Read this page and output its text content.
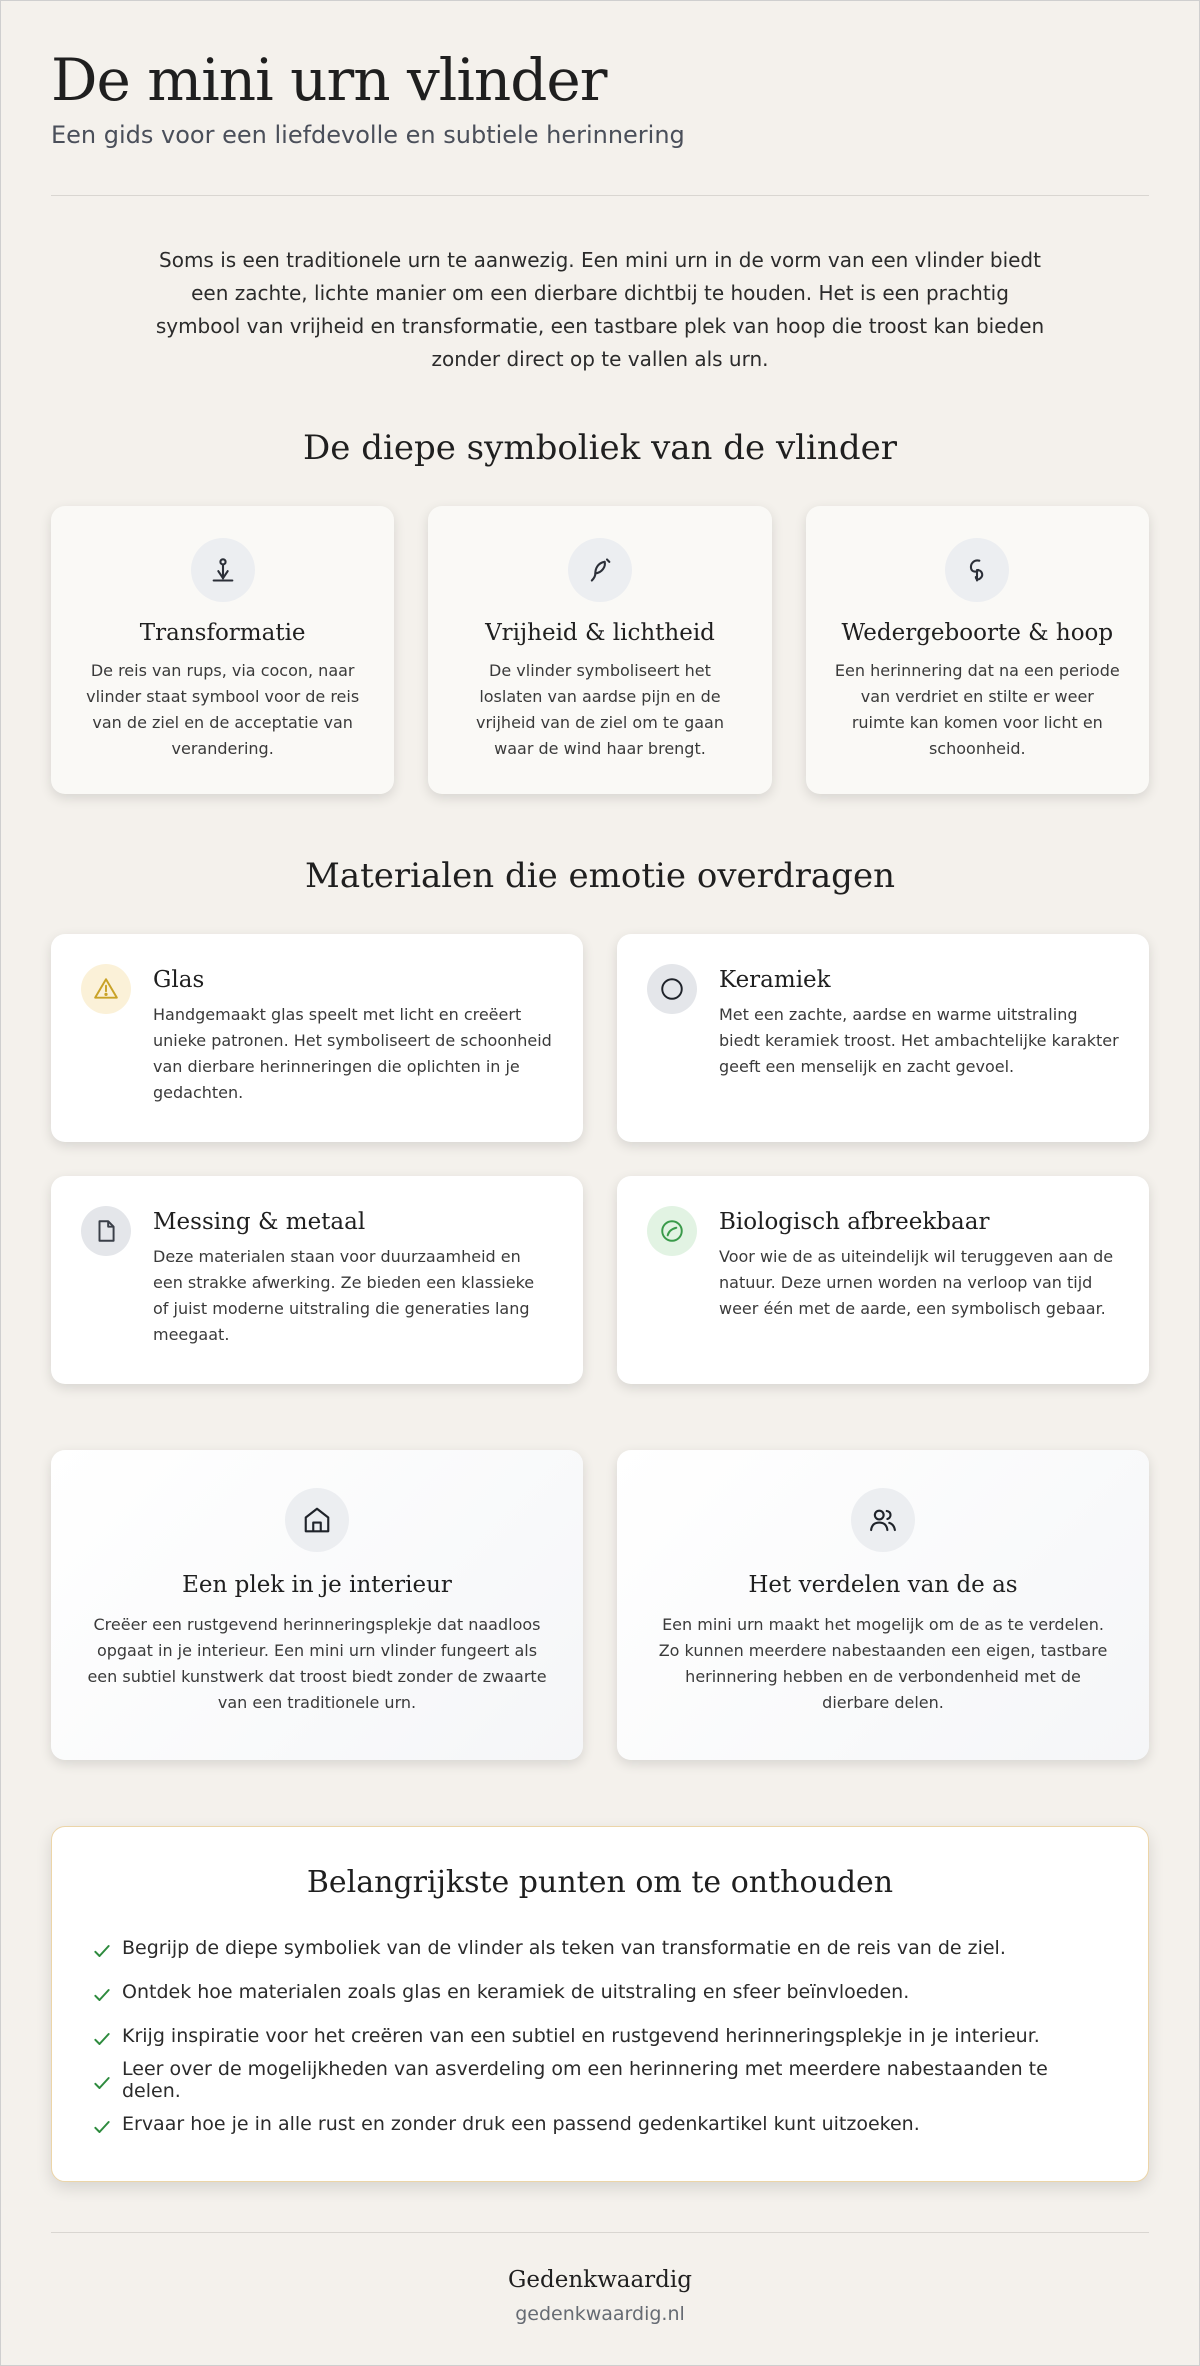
De mini urn vlinder
Een gids voor een liefdevolle en subtiele herinnering

Soms is een traditionele urn te aanwezig. Een mini urn in de vorm van een vlinder biedt een zachte, lichte manier om een dierbare dichtbij te houden. Het is een prachtig symbool van vrijheid en transformatie, een tastbare plek van hoop die troost kan bieden zonder direct op te vallen als urn.

De diepe symboliek van de vlinder
Transformatie
De reis van rups, via cocon, naar vlinder staat symbool voor de reis van de ziel en de acceptatie van verandering.
Vrijheid & lichtheid
De vlinder symboliseert het loslaten van aardse pijn en de vrijheid van de ziel om te gaan waar de wind haar brengt.
Wedergeboorte & hoop
Een herinnering dat na een periode van verdriet en stilte er weer ruimte kan komen voor licht en schoonheid.
Materialen die emotie overdragen
Glas
Handgemaakt glas speelt met licht en creëert unieke patronen. Het symboliseert de schoonheid van dierbare herinneringen die oplichten in je gedachten.
Keramiek
Met een zachte, aardse en warme uitstraling biedt keramiek troost. Het ambachtelijke karakter geeft een menselijk en zacht gevoel.
Messing & metaal
Deze materialen staan voor duurzaamheid en een strakke afwerking. Ze bieden een klassieke of juist moderne uitstraling die generaties lang meegaat.
Biologisch afbreekbaar
Voor wie de as uiteindelijk wil teruggeven aan de natuur. Deze urnen worden na verloop van tijd weer één met de aarde, een symbolisch gebaar.
Een plek in je interieur
Creëer een rustgevend herinneringsplekje dat naadloos opgaat in je interieur. Een mini urn vlinder fungeert als een subtiel kunstwerk dat troost biedt zonder de zwaarte van een traditionele urn.
Het verdelen van de as
Een mini urn maakt het mogelijk om de as te verdelen. Zo kunnen meerdere nabestaanden een eigen, tastbare herinnering hebben en de verbondenheid met de dierbare delen.
Belangrijkste punten om te onthouden
Begrijp de diepe symboliek van de vlinder als teken van transformatie en de reis van de ziel.
Ontdek hoe materialen zoals glas en keramiek de uitstraling en sfeer beïnvloeden.
Krijg inspiratie voor het creëren van een subtiel en rustgevend herinneringsplekje in je interieur.
Leer over de mogelijkheden van asverdeling om een herinnering met meerdere nabestaanden te delen.
Ervaar hoe je in alle rust en zonder druk een passend gedenkartikel kunt uitzoeken.
Gedenkwaardig
gedenkwaardig.nl
